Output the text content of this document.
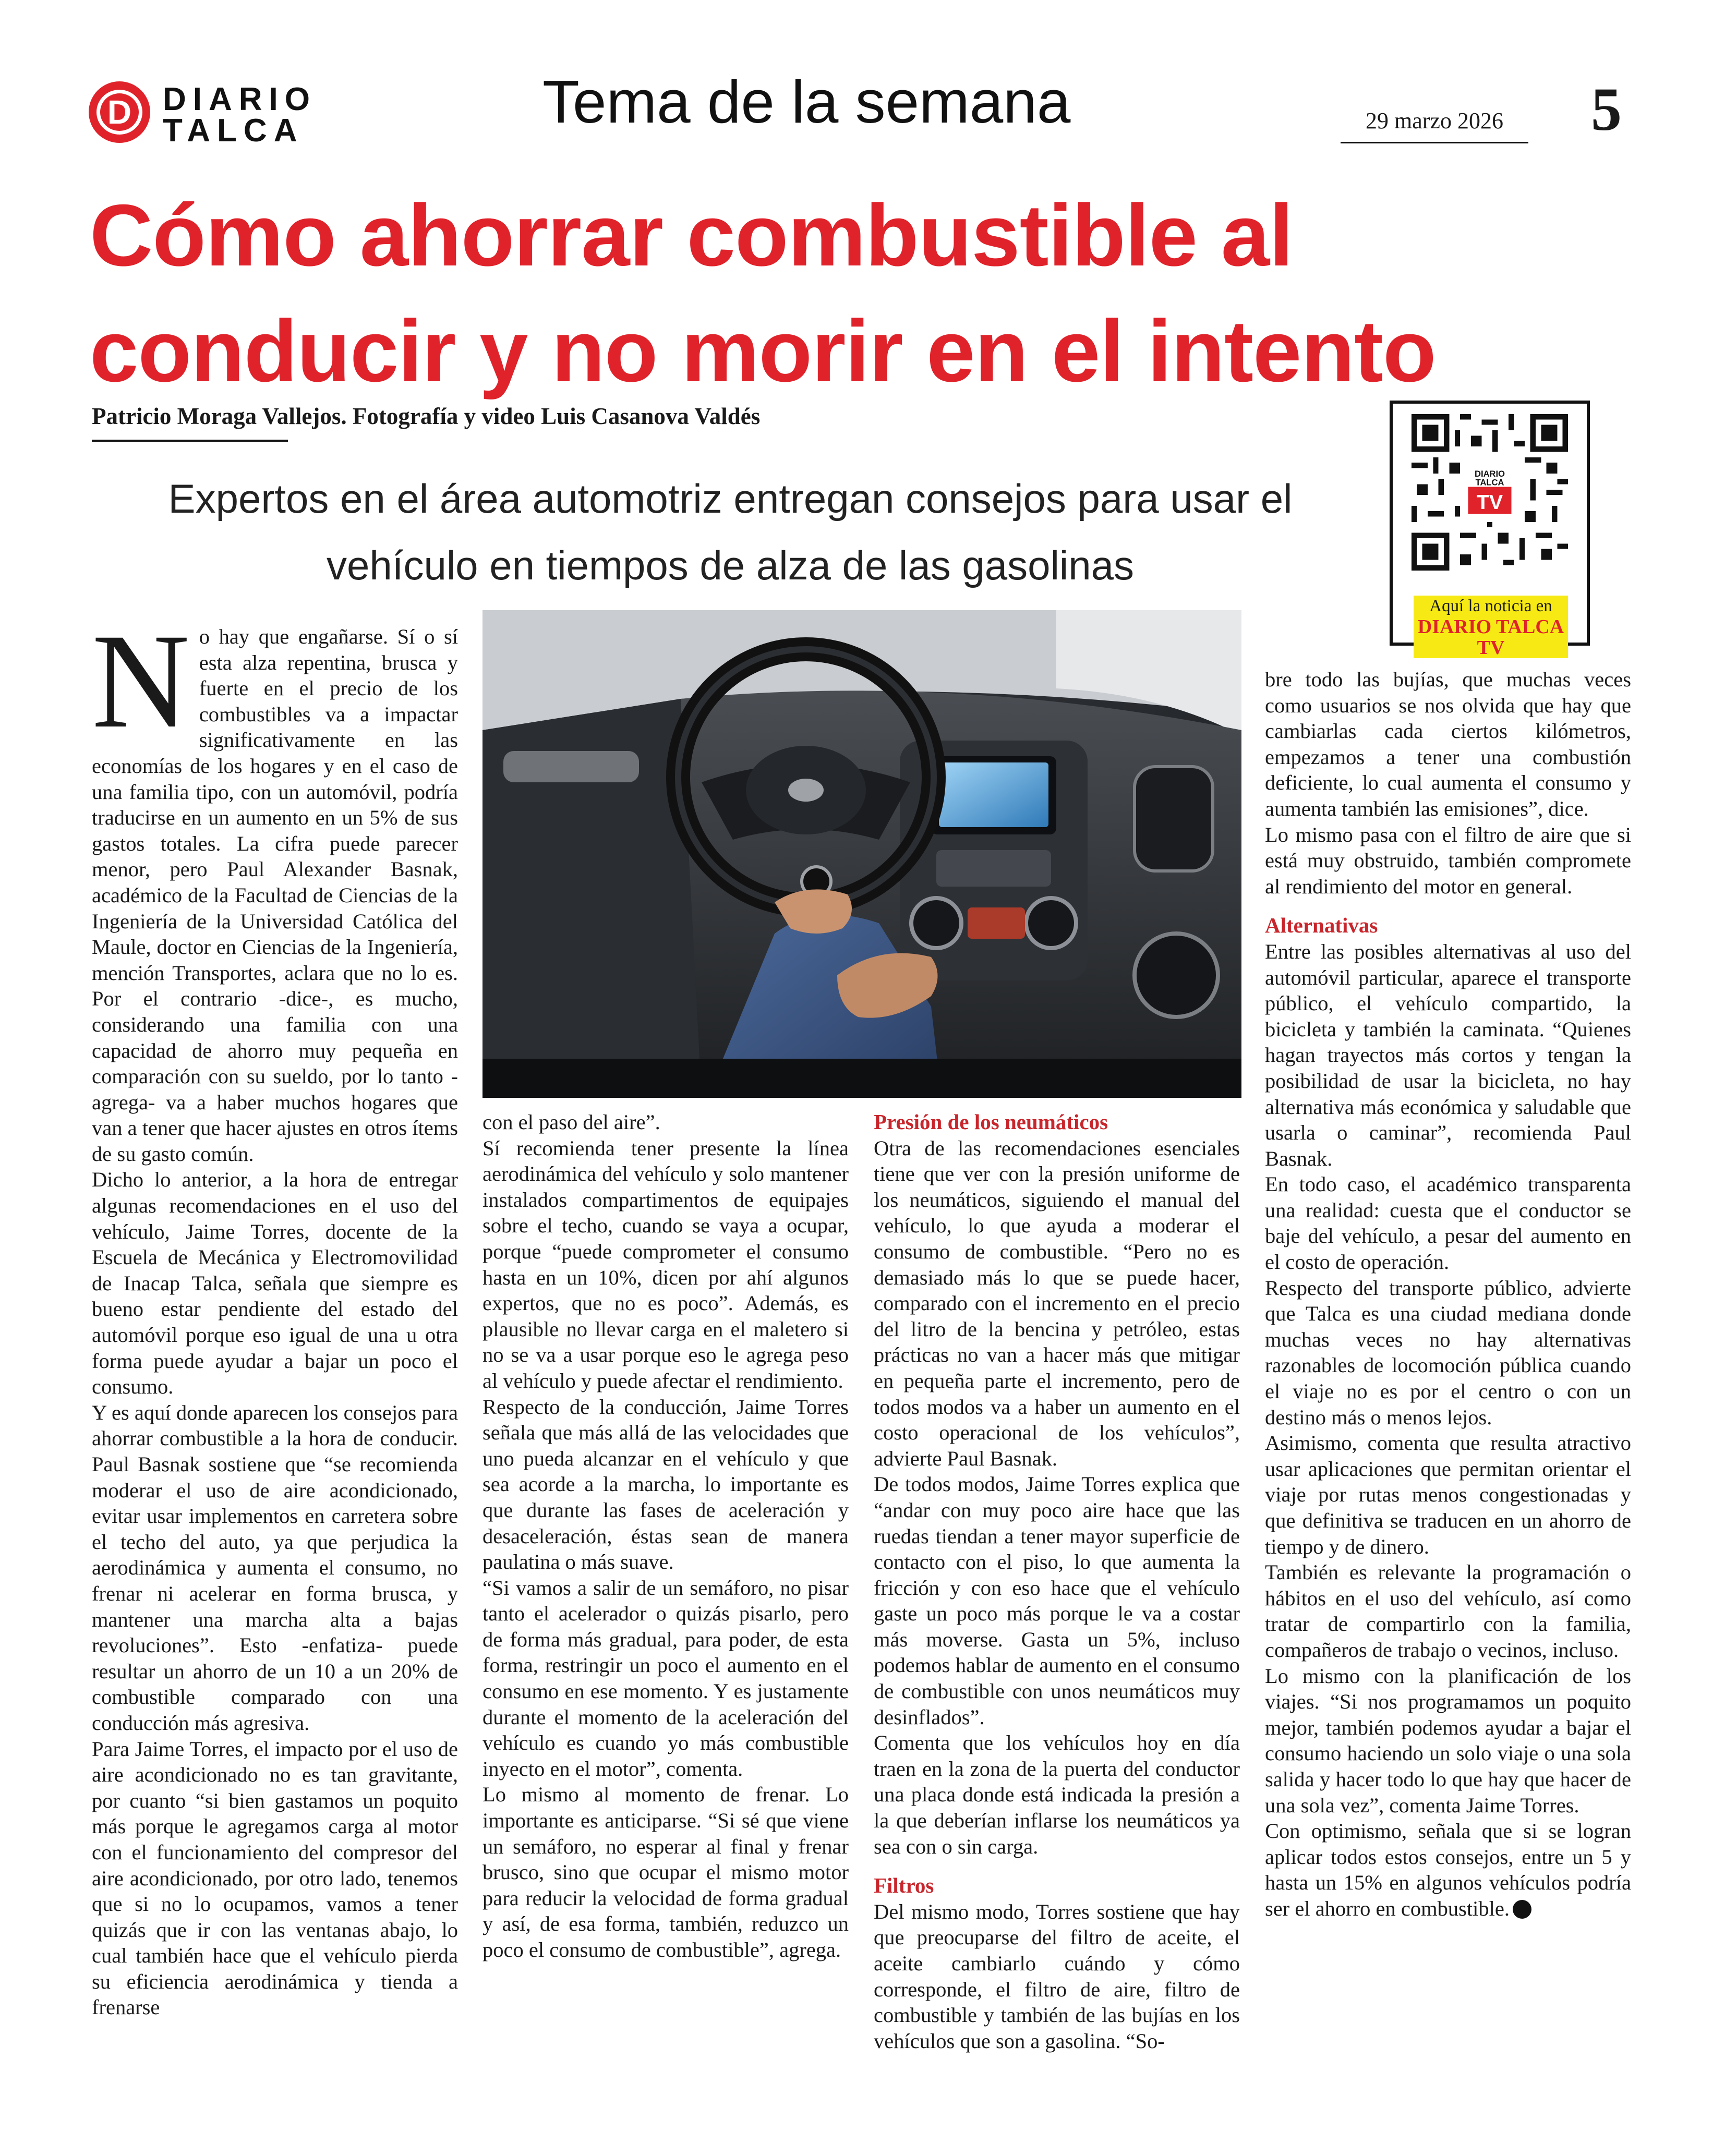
D DIARIO
TALCA	Tema de la semana	29 marzo 2026	5
Cómo ahorrar combustible al conducir y no morir en el intento
Patricio Moraga Vallejos. Fotografía y video Luis Casanova Valdés
Expertos en el área automotriz entregan consejos para usar el vehículo en tiempos de alza de las gasolinas
TV
DIARIO
TALCA
Aquí la noticia en
DIARIO TALCA TV

No hay que engañarse. Sí o sí esta alza repentina, brusca y fuerte en el precio de los combustibles va a impactar significativamente en las economías de los hogares y en el caso de una familia tipo, con un automóvil, podría traducirse en un aumento en un 5% de sus gastos totales. La cifra puede parecer menor, pero Paul Alexander Basnak, académico de la Facultad de Ciencias de la Ingeniería de la Universidad Católica del Maule, doctor en Ciencias de la Ingeniería, mención Transportes, aclara que no lo es. Por el contrario -dice-, es mucho, considerando una familia con una capacidad de ahorro muy pequeña en comparación con su sueldo, por lo tanto -agrega- va a haber muchos hogares que van a tener que hacer ajustes en otros ítems de su gasto común.

Dicho lo anterior, a la hora de entregar algunas recomendaciones en el uso del vehículo, Jaime Torres, docente de la Escuela de Mecánica y Electromovilidad de Inacap Talca, señala que siempre es bueno estar pendiente del estado del automóvil porque eso igual de una u otra forma puede ayudar a bajar un poco el consumo.

Y es aquí donde aparecen los consejos para ahorrar combustible a la hora de conducir. Paul Basnak sostiene que “se recomienda moderar el uso de aire acondicionado, evitar usar implementos en carretera sobre el techo del auto, ya que perjudica la aerodinámica y aumenta el consumo, no frenar ni acelerar en forma brusca, y mantener una marcha alta a bajas revoluciones”. Esto -enfatiza- puede resultar un ahorro de un 10 a un 20% de combustible comparado con una conducción más agresiva.

Para Jaime Torres, el impacto por el uso de aire acondicionado no es tan gravitante, por cuanto “si bien gastamos un poquito más porque le agregamos carga al motor con el funcionamiento del compresor del aire acondicionado, por otro lado, tenemos que si no lo ocupamos, vamos a tener quizás que ir con las ventanas abajo, lo cual también hace que el vehículo pierda su eficiencia aerodinámica y tienda a frenarse

con el paso del aire”.

Sí recomienda tener presente la línea aerodinámica del vehículo y solo mantener instalados compartimentos de equipajes sobre el techo, cuando se vaya a ocupar, porque “puede comprometer el consumo hasta en un 10%, dicen por ahí algunos expertos, que no es poco”. Además, es plausible no llevar carga en el maletero si no se va a usar porque eso le agrega peso al vehículo y puede afectar el rendimiento.

Respecto de la conducción, Jaime Torres señala que más allá de las velocidades que uno pueda alcanzar en el vehículo y que sea acorde a la marcha, lo importante es que durante las fases de aceleración y desaceleración, éstas sean de manera paulatina o más suave.

“Si vamos a salir de un semáforo, no pisar tanto el acelerador o quizás pisarlo, pero de forma más gradual, para poder, de esta forma, restringir un poco el aumento en el consumo en ese momento. Y es justamente durante el momento de la aceleración del vehículo es cuando yo más combustible inyecto en el motor”, comenta.

Lo mismo al momento de frenar. Lo importante es anticiparse. “Si sé que viene un semáforo, no esperar al final y frenar brusco, sino que ocupar el mismo motor para reducir la velocidad de forma gradual y así, de esa forma, también, reduzco un poco el consumo de combustible”, agrega.

Presión de los neumáticos

Otra de las recomendaciones esenciales tiene que ver con la presión uniforme de los neumáticos, siguiendo el manual del vehículo, lo que ayuda a moderar el consumo de combustible. “Pero no es demasiado más lo que se puede hacer, comparado con el incremento en el precio del litro de la bencina y petróleo, estas prácticas no van a hacer más que mitigar en pequeña parte el incremento, pero de todos modos va a haber un aumento en el costo operacional de los vehículos”, advierte Paul Basnak.

De todos modos, Jaime Torres explica que “andar con muy poco aire hace que las ruedas tiendan a tener mayor superficie de contacto con el piso, lo que aumenta la fricción y con eso hace que el vehículo gaste un poco más porque le va a costar más moverse. Gasta un 5%, incluso podemos hablar de aumento en el consumo de combustible con unos neumáticos muy desinflados”.

Comenta que los vehículos hoy en día traen en la zona de la puerta del conductor una placa donde está indicada la presión a la que deberían inflarse los neumáticos ya sea con o sin carga.

Filtros

Del mismo modo, Torres sostiene que hay que preocuparse del filtro de aceite, el aceite cambiarlo cuándo y cómo corresponde, el filtro de aire, filtro de combustible y también de las bujías en los vehículos que son a gasolina. “So-

bre todo las bujías, que muchas veces como usuarios se nos olvida que hay que cambiarlas cada ciertos kilómetros, empezamos a tener una combustión deficiente, lo cual aumenta el consumo y aumenta también las emisiones”, dice.

Lo mismo pasa con el filtro de aire que si está muy obstruido, también compromete al rendimiento del motor en general.

Alternativas

Entre las posibles alternativas al uso del automóvil particular, aparece el transporte público, el vehículo compartido, la bicicleta y también la caminata. “Quienes hagan trayectos más cortos y tengan la posibilidad de usar la bicicleta, no hay alternativa más económica y saludable que usarla o caminar”, recomienda Paul Basnak.

En todo caso, el académico transparenta una realidad: cuesta que el conductor se baje del vehículo, a pesar del aumento en el costo de operación.

Respecto del transporte público, advierte que Talca es una ciudad mediana donde muchas veces no hay alternativas razonables de locomoción pública cuando el viaje no es por el centro o con un destino más o menos lejos.

Asimismo, comenta que resulta atractivo usar aplicaciones que permitan orientar el viaje por rutas menos congestionadas y que definitiva se traducen en un ahorro de tiempo y de dinero.

También es relevante la programación o hábitos en el uso del vehículo, así como tratar de compartirlo con la familia, compañeros de trabajo o vecinos, incluso.

Lo mismo con la planificación de los viajes. “Si nos programamos un poquito mejor, también podemos ayudar a bajar el consumo haciendo un solo viaje o una sola salida y hacer todo lo que hay que hacer de una sola vez”, comenta Jaime Torres.

Con optimismo, señala que si se logran aplicar todos estos consejos, entre un 5 y hasta un 15% en algunos vehículos podría ser el ahorro en combustible.
